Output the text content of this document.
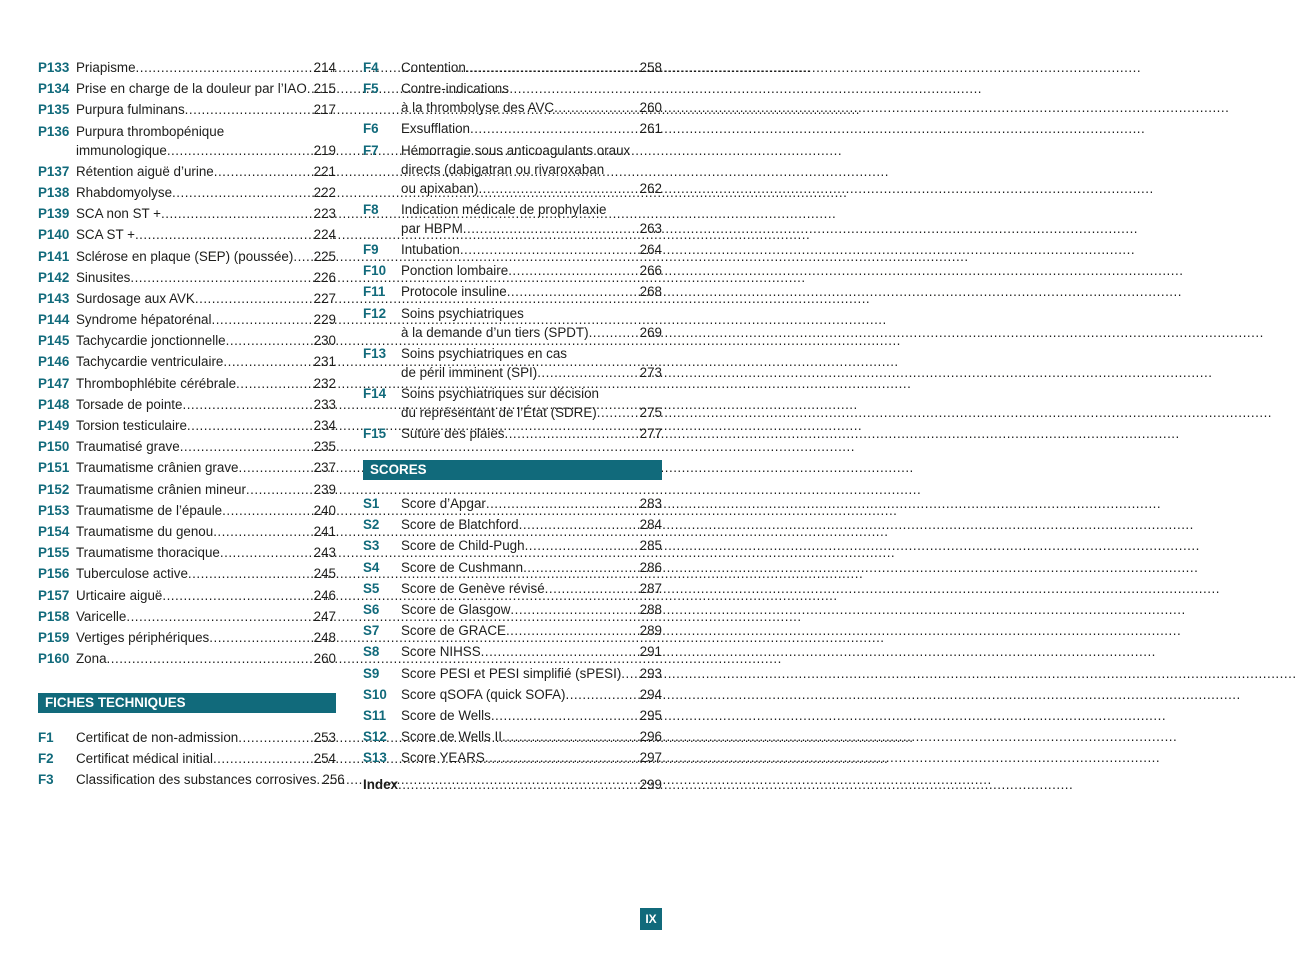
P133 Priapisme .....	214
P134 Prise en charge de la douleur par l’IAO ..... 215
P135 Purpura fulminans .....	217
P136 Purpura thrombopénique
immunologique .....	219
P137 Rétention aiguë d’urine .....	221
P138 Rhabdomyolyse .....	222
P139 SCA non ST + .....	223
P140 SCA ST + .....	224
P141 Sclérose en plaque (SEP) (poussée) ..... 225
P142 Sinusites .....	226
P143 Surdosage aux AVK .....	227
P144 Syndrome hépatorénal .....	229
P145 Tachycardie jonctionnelle .....	230
P146 Tachycardie ventriculaire .....	231
P147 Thrombophlébite cérébrale .....	232
P148 Torsade de pointe .....	233
P149 Torsion testiculaire .....	234
P150 Traumatisé grave .....	235
P151 Traumatisme crânien grave .....	237
P152 Traumatisme crânien mineur .....	239
P153 Traumatisme de l’épaule .....	240
P154 Traumatisme du genou .....	241
P155 Traumatisme thoracique .....	243
P156 Tuberculose active .....	245
P157 Urticaire aiguë .....	246
P158 Varicelle .....	247
P159 Vertiges périphériques .....	248
P160 Zona .....	260
FICHES TECHNIQUES
F1	Certificat de non-admission .....	253
F2	Certificat médical initial .....	254
F3	Classification des substances corrosives ..... 256
F4	Contention .....	258
F5	Contre-indications
à la thrombolyse des AVC .....	260
F6	Exsufflation .....	261
F7	Hémorragie sous anticoagulants oraux
directs (dabigatran ou rivaroxaban
ou apixaban) .....	262
F8	Indication médicale de prophylaxie
par HBPM .....	263
F9	Intubation .....	264
F10	Ponction lombaire .....	266
F11	Protocole insuline .....	268
F12	Soins psychiatriques
à la demande d’un tiers (SPDT) .....	269
F13	Soins psychiatriques en cas
de péril imminent (SPI) .....	273
F14	Soins psychiatriques sur décision
du représentant de l’État (SDRE) .....	275
F15	Suture des plaies .....	277
SCORES
S1	Score d’Apgar .....	283
S2	Score de Blatchford .....	284
S3	Score de Child-Pugh .....	285
S4	Score de Cushmann .....	286
S5	Score de Genève révisé .....	287
S6	Score de Glasgow .....	288
S7	Score de GRACE .....	289
S8	Score NIHSS .....	291
S9	Score PESI et PESI simplifié (sPESI) ..... 293
S10	Score qSOFA (quick SOFA) .....	294
S11	Score de Wells .....	295
S12	Score de Wells II .....	296
S13	Score YEARS .....	297
Index .....	299
IX
